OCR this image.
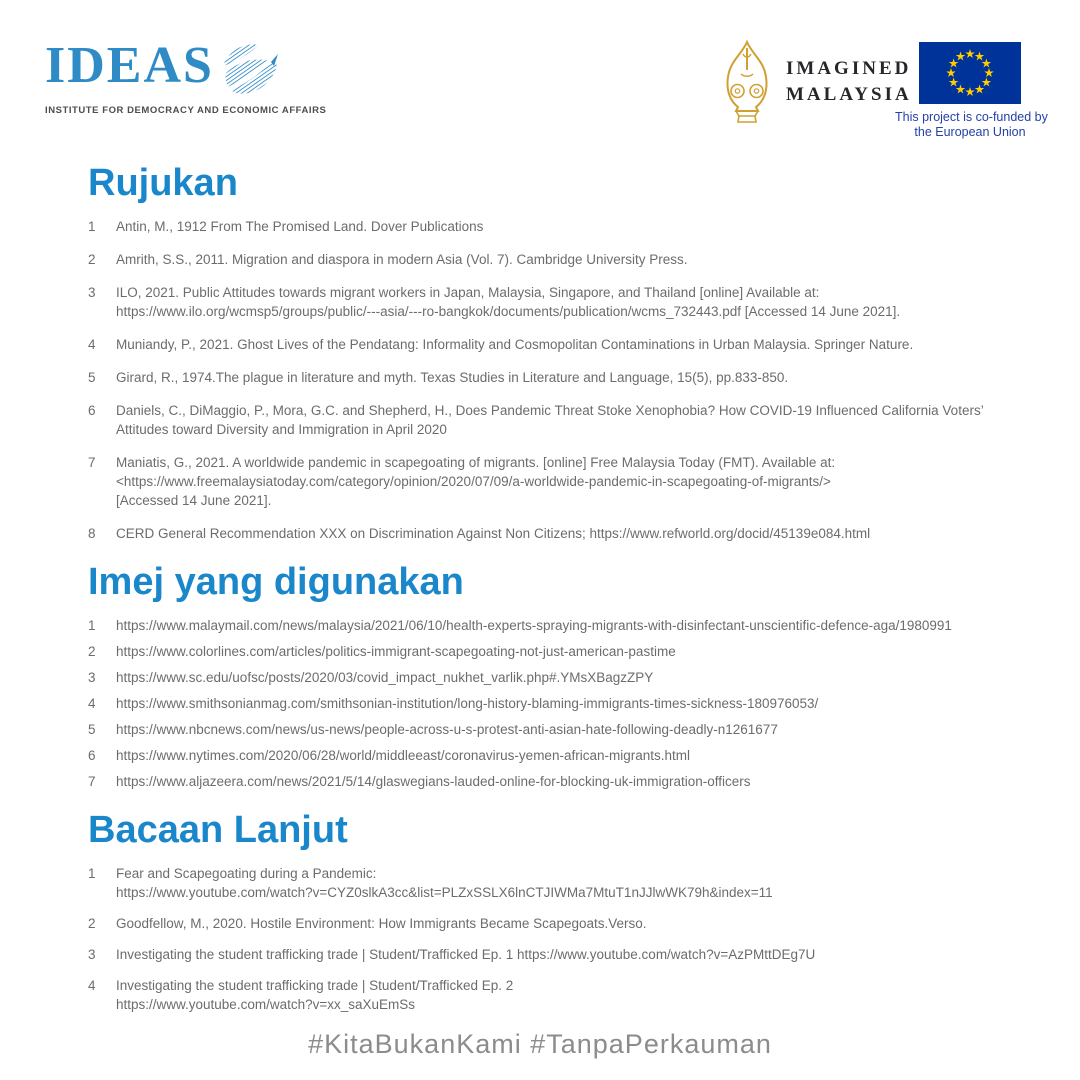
IDEAS
INSTITUTE FOR DEMOCRACY AND ECONOMIC AFFAIRS
IMAGINED
MALAYSIA
This project is co-funded by
the European Union
Rujukan
1	Antin, M., 1912 From The Promised Land. Dover Publications
2	Amrith, S.S., 2011. Migration and diaspora in modern Asia (Vol. 7). Cambridge University Press.
3	ILO, 2021. Public Attitudes towards migrant workers in Japan, Malaysia, Singapore, and Thailand [online] Available at:
https://www.ilo.org/wcmsp5/groups/public/---asia/---ro-bangkok/documents/publication/wcms_732443.pdf [Accessed 14 June 2021].
4	Muniandy, P., 2021. Ghost Lives of the Pendatang: Informality and Cosmopolitan Contaminations in Urban Malaysia. Springer Nature.
5	Girard, R., 1974.The plague in literature and myth. Texas Studies in Literature and Language, 15(5), pp.833-850.
6	Daniels, C., DiMaggio, P., Mora, G.C. and Shepherd, H., Does Pandemic Threat Stoke Xenophobia? How COVID-19 Influenced California Voters’
Attitudes toward Diversity and Immigration in April 2020
7	Maniatis, G., 2021. A worldwide pandemic in scapegoating of migrants. [online] Free Malaysia Today (FMT). Available at:
<https://www.freemalaysiatoday.com/category/opinion/2020/07/09/a-worldwide-pandemic-in-scapegoating-of-migrants/>
[Accessed 14 June 2021].
8	CERD General Recommendation XXX on Discrimination Against Non Citizens; https://www.refworld.org/docid/45139e084.html
Imej yang digunakan
1	https://www.malaymail.com/news/malaysia/2021/06/10/health-experts-spraying-migrants-with-disinfectant-unscientific-defence-aga/1980991
2	https://www.colorlines.com/articles/politics-immigrant-scapegoating-not-just-american-pastime
3	https://www.sc.edu/uofsc/posts/2020/03/covid_impact_nukhet_varlik.php#.YMsXBagzZPY
4	https://www.smithsonianmag.com/smithsonian-institution/long-history-blaming-immigrants-times-sickness-180976053/
5	https://www.nbcnews.com/news/us-news/people-across-u-s-protest-anti-asian-hate-following-deadly-n1261677
6	https://www.nytimes.com/2020/06/28/world/middleeast/coronavirus-yemen-african-migrants.html
7	https://www.aljazeera.com/news/2021/5/14/glaswegians-lauded-online-for-blocking-uk-immigration-officers
Bacaan Lanjut
1	Fear and Scapegoating during a Pandemic:
https://www.youtube.com/watch?v=CYZ0slkA3cc&list=PLZxSSLX6lnCTJIWMa7MtuT1nJJlwWK79h&index=11
2	Goodfellow, M., 2020. Hostile Environment: How Immigrants Became Scapegoats.Verso.
3	Investigating the student trafficking trade | Student/Trafficked Ep. 1 https://www.youtube.com/watch?v=AzPMttDEg7U
4	Investigating the student trafficking trade | Student/Trafficked Ep. 2
https://www.youtube.com/watch?v=xx_saXuEmSs
#KitaBukanKami #TanpaPerkauman
